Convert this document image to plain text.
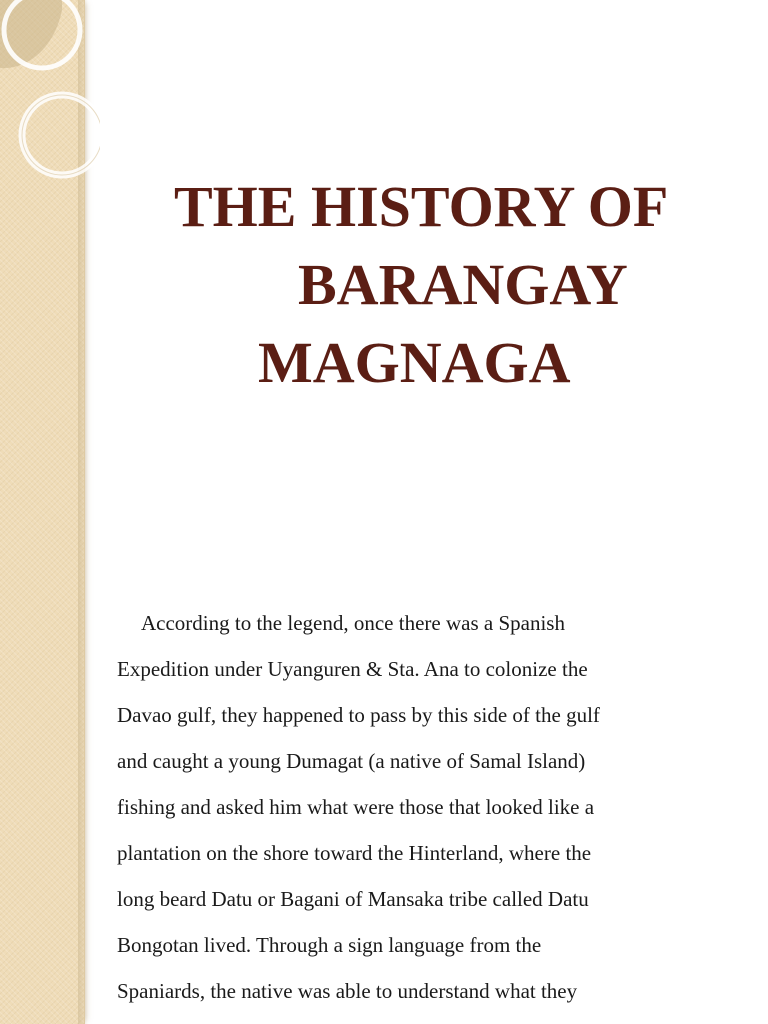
THE HISTORY OF
BARANGAY
MAGNAGA
According to the legend, once there was a Spanish
Expedition under Uyanguren & Sta. Ana to colonize the
Davao gulf, they happened to pass by this side of the gulf
and caught a young Dumagat (a native of Samal Island)
fishing and asked him what were those that looked like a
plantation on the shore toward the Hinterland, where the
long beard Datu or Bagani of Mansaka tribe called Datu
Bongotan lived. Through a sign language from the
Spaniards, the native was able to understand what they
